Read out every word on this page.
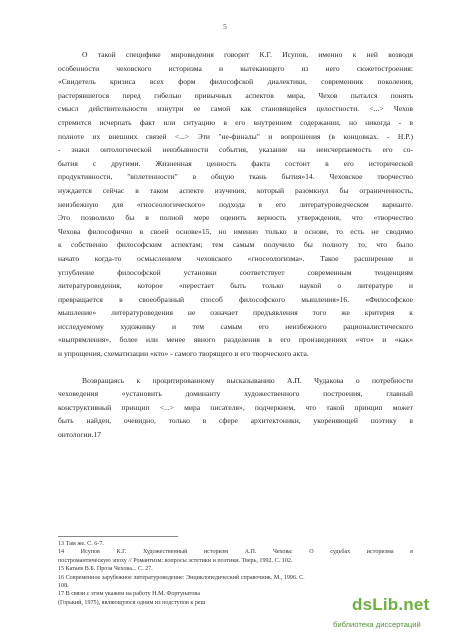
5
О такой специфике мировидения говорит К.Г. Исупов, именно к ней возводя
особенности чеховского историзма и вытекающего из него сюжетостроения:
«Свидетель кризиса всех форм философской диалектики, современник поколения,
растерявшегося перед гибелью привычных аспектов мира, Чехов пытался понять
смысл действительности изнутри ее самой как становящейся целостности. <...> Чехов
стремится исчерпать факт или ситуацию в его внутреннем содержании, но никогда - в
полноте их внешних связей <...> Эти "не-финалы" и вопрошения (в концовках. - Н.Р.)
- знаки онтологической неизбывности события, указание на неисчерпаемость его со-
бытия с другими. Жизненная ценность факта состоит в его исторической
продуктивности, "вплетенности" в общую ткань бытия»14. Чеховское творчество
нуждается сейчас в таком аспекте изучения, который разомкнул бы ограниченность,
неизбежную для «гносеологического» подхода в его литературоведческом варианте.
Это позволило бы в полной мере оценить верность утверждения, что «творчество
Чехова философично в своей основе»15, но именно только в основе, то есть не сводимо
к собственно философским аспектам; тем самым получило бы полноту то, что было
начато когда-то осмыслением чеховского «гносеологизма». Такое расширение и
углубление философской установки соответствует современным тенденциям
литературоведения, которое «перестает быть только наукой о литературе и
превращается в своеобразный способ философского мышления»16. «Философское
мышление» литературоведения не означает предъявления того же критерия к
исследуемому художнику и тем самым его неизбежного рационалистического
«выпрямления», более или менее явного разделения в его произведениях «что» и «как»
и упрощения, схематизации «кто» - самого творящего и его творческого акта.
Возвращаясь к процитированному высказыванию А.П. Чудакова о потребности
чеховедения «установить доминанту художественного построения, главный
конструктивный принцип <...> мира писателя», подчеркнем, что такой принцип может
быть найден, очевидно, только в сфере архитектоники, укореняющей поэтику в
онтологии.17
13 Там же. С. 6-7.
14 Исупов К.Г. Художественный историзм А.П. Чехова: О судьбах историзма в
постромантическую эпоху // Романтизм: вопросы эстетики и поэтики. Тверь, 1992. С. 102.
15 Катаев В.Б. Проза Чехова... С. 27.
16 Современное зарубежное литературоведение: Энциклопедический справочник. М., 1996. С.
108.
17 В связи с этим укажем на работу Н.М. Фортунатова
(Горький, 1975), являющуюся одним из подступов к реш	dsLib.net
библиотека диссертаций
